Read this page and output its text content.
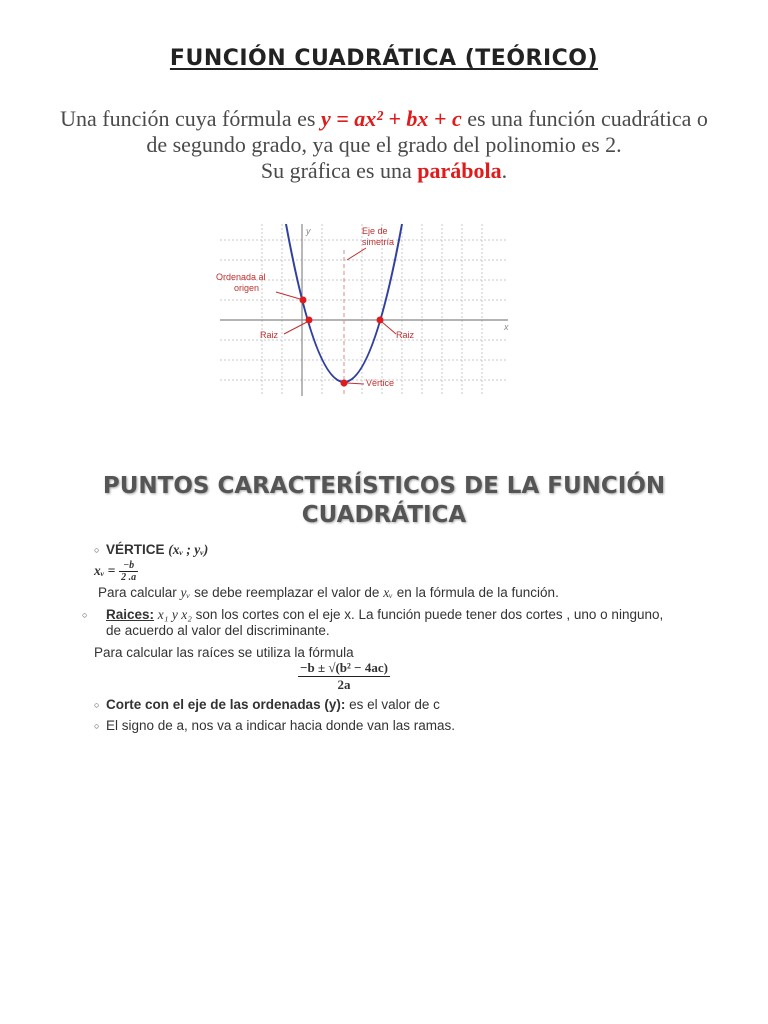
FUNCIÓN CUADRÁTICA (TEÓRICO)
Una función cuya fórmula es y = ax² + bx + c es una función cuadrática o de segundo grado, ya que el grado del polinomio es 2.
Su gráfica es una parábola.
x
y	Eje de
simetría
Ordenada al
origen
Raiz	Raiz
Vértice
PUNTOS CARACTERÍSTICOS DE LA FUNCIÓN CUADRÁTICA
○ VÉRTICE (xᵥ ; yᵥ)
xᵥ = $\frac{-b}{2 .a}$
Para calcular yᵥ se debe reemplazar el valor de xᵥ en la fórmula de la función.
○ Raices: x₁ y x₂ son los cortes con el eje x. La función puede tener dos cortes , uno o ninguno, de acuerdo al valor del discriminante.
Para calcular las raíces se utiliza la fórmula
$\frac{\text{−b ± √(b² − 4ac)}}{2a}$
○ Corte con el eje de las ordenadas (y): es el valor de c
○ El signo de a, nos va a indicar hacia donde van las ramas.
